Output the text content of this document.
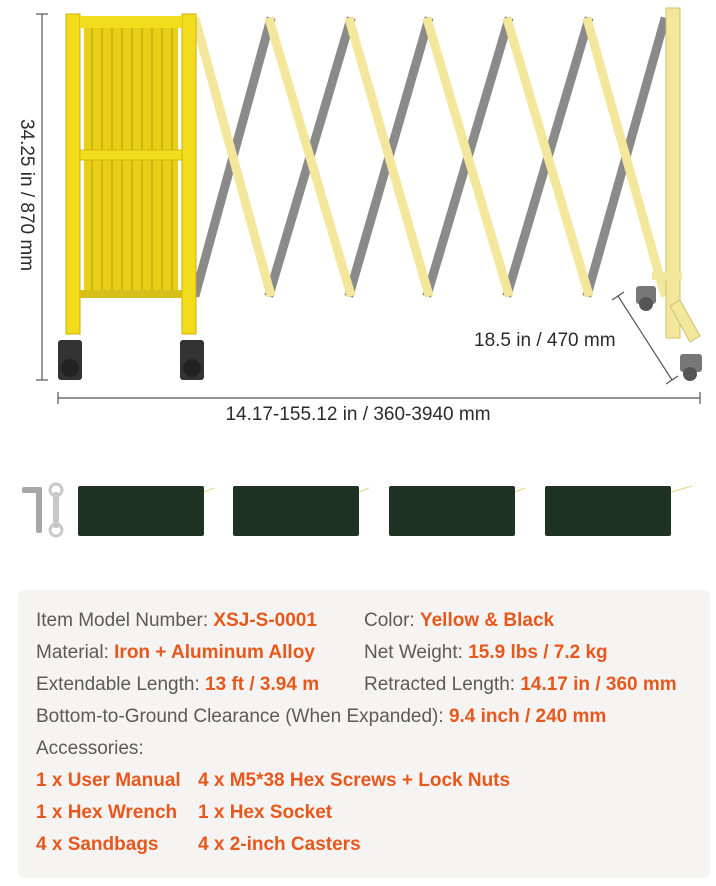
34.25 in / 870 mm
18.5 in / 470 mm
14.17-155.12 in / 360-3940 mm
Item Model Number: XSJ-S-0001 Color: Yellow & Black
Material: Iron + Aluminum Alloy	Net Weight: 15.9 lbs / 7.2 kg
Extendable Length: 13 ft / 3.94 m Retracted Length: 14.17 in / 360 mm
Bottom-to-Ground Clearance (When Expanded): 9.4 inch / 240 mm
Accessories:
1 x User Manual 4 x M5*38 Hex Screws + Lock Nuts
1 x Hex Wrench 1 x Hex Socket
4 x Sandbags 4 x 2-inch Casters
